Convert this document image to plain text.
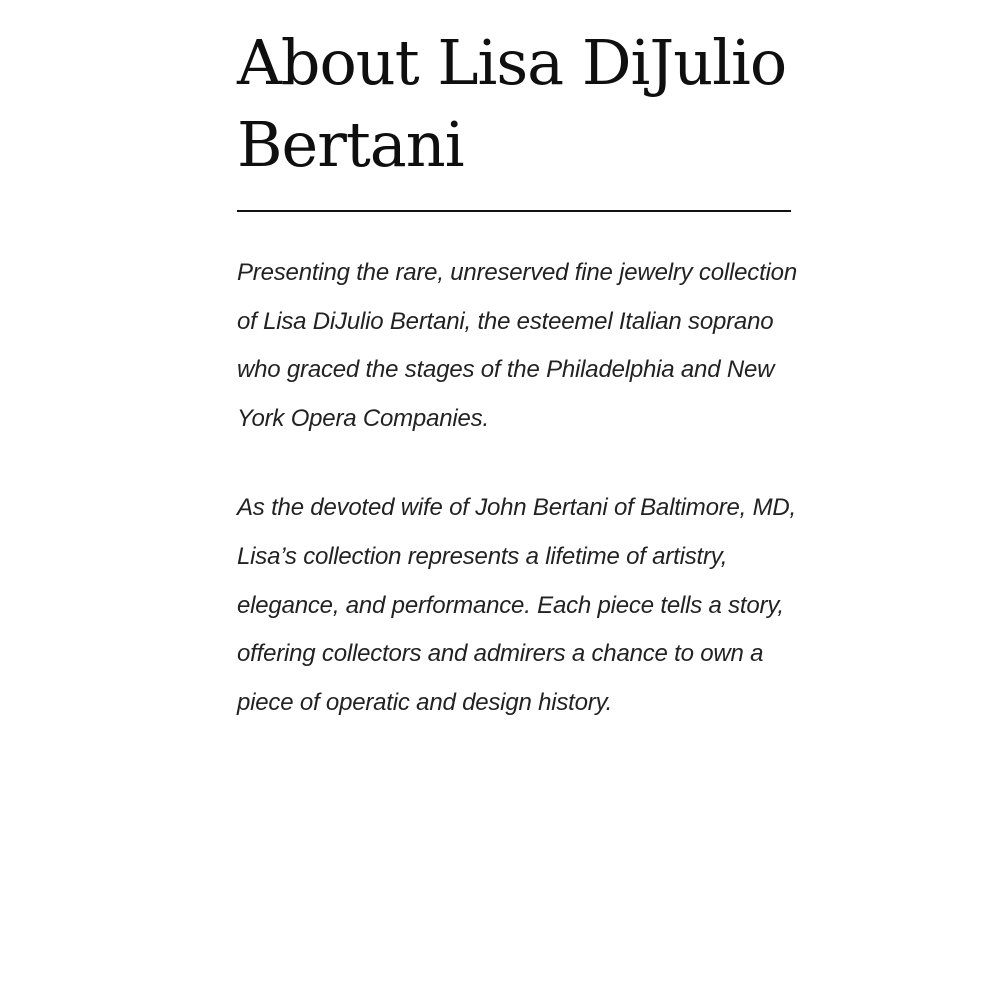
About Lisa DiJulio Bertani

Presenting the rare, unreserved fine jewelry collection of Lisa DiJulio Bertani, the esteemel Italian soprano who graced the stages of the Philadelphia and New York Opera Companies.

As the devoted wife of John Bertani of Baltimore, MD, Lisa’s collection represents a lifetime of artistry, elegance, and performance. Each piece tells a story, offering collectors and admirers a chance to own a piece of operatic and design history.
